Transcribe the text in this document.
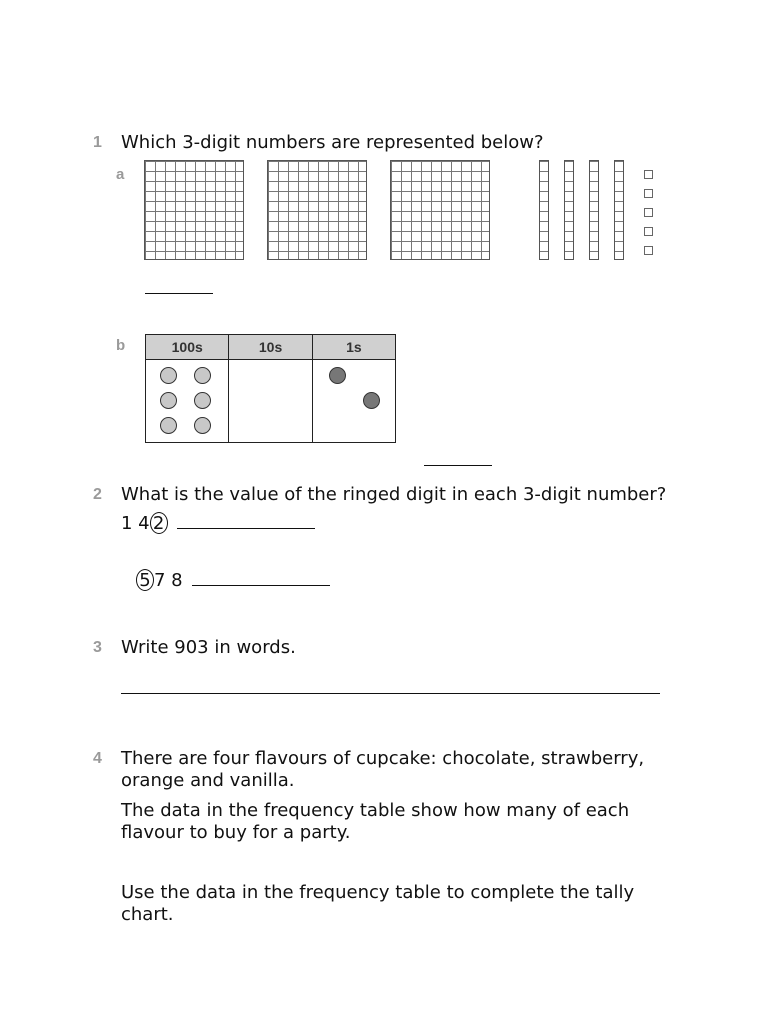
1 Which 3-digit numbers are represented below?

a
b	100s	10s	1s

2 What is the value of the ringed digit in each 3-digit number?

1 4 2
5 7 8
3 Write 903 in words.

4 There are four flavours of cupcake: chocolate, strawberry, orange and vanilla.

The data in the frequency table show how many of each flavour to buy for a party.

Use the data in the frequency table to complete the tally chart.
